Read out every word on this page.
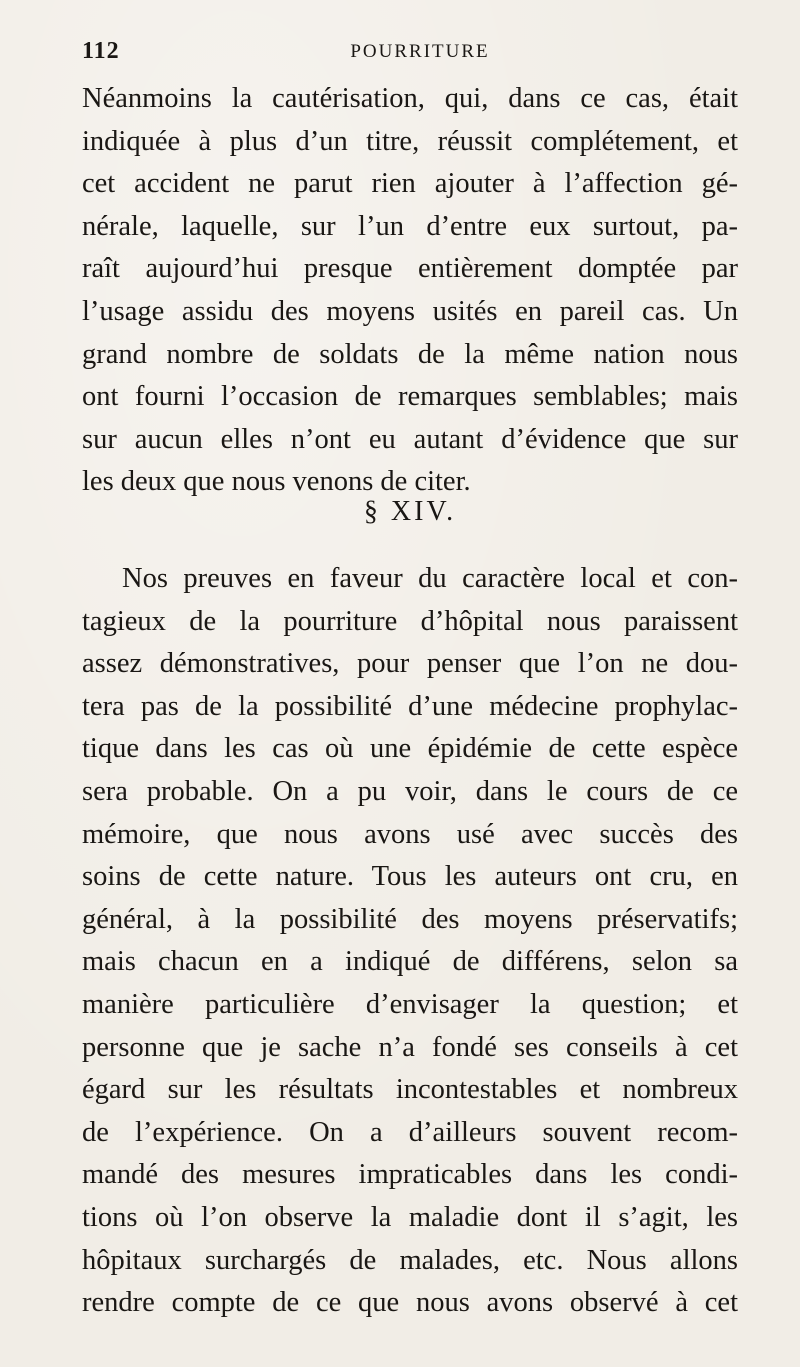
112	POURRITURE
Néanmoins la cautérisation, qui, dans ce cas, était
indiquée à plus d’un titre, réussit complétement, et
cet accident ne parut rien ajouter à l’affection gé-
nérale, laquelle, sur l’un d’entre eux surtout, pa-
raît aujourd’hui presque entièrement domptée par
l’usage assidu des moyens usités en pareil cas. Un
grand nombre de soldats de la même nation nous
ont fourni l’occasion de remarques semblables; mais
sur aucun elles n’ont eu autant d’évidence que sur
les deux que nous venons de citer.
§ XIV.
Nos preuves en faveur du caractère local et con-
tagieux de la pourriture d’hôpital nous paraissent
assez démonstratives, pour penser que l’on ne dou-
tera pas de la possibilité d’une médecine prophylac-
tique dans les cas où une épidémie de cette espèce
sera probable. On a pu voir, dans le cours de ce
mémoire, que nous avons usé avec succès des
soins de cette nature. Tous les auteurs ont cru, en
général, à la possibilité des moyens préservatifs;
mais chacun en a indiqué de différens, selon sa
manière particulière d’envisager la question; et
personne que je sache n’a fondé ses conseils à cet
égard sur les résultats incontestables et nombreux
de l’expérience. On a d’ailleurs souvent recom-
mandé des mesures impraticables dans les condi-
tions où l’on observe la maladie dont il s’agit, les
hôpitaux surchargés de malades, etc. Nous allons
rendre compte de ce que nous avons observé à cet
